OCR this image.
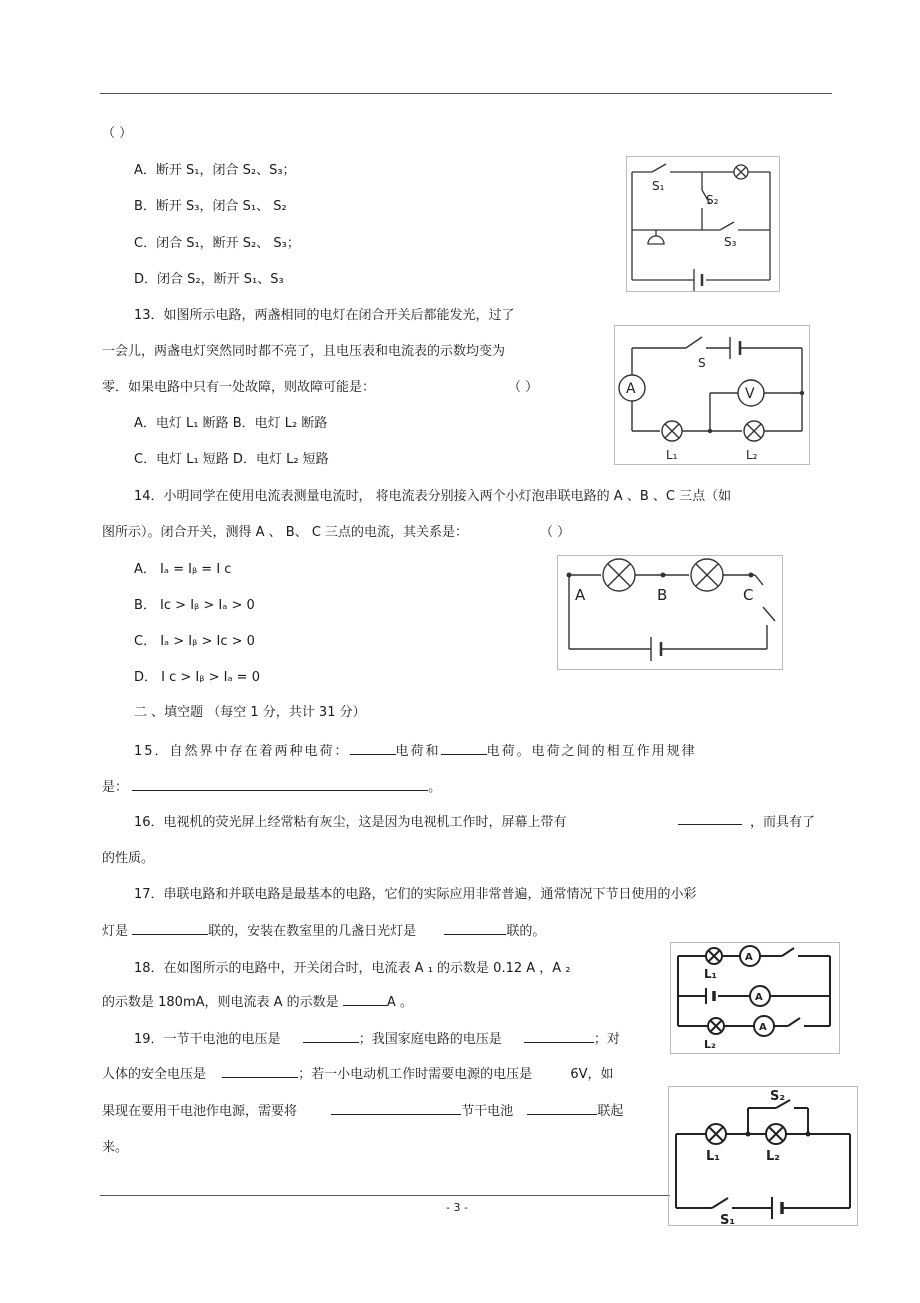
- 3 -
（ ）
A．断开 S₁，闭合 S₂、S₃；
B．断开 S₃，闭合 S₁、 S₂
C．闭合 S₁，断开 S₂、 S₃；
D．闭合 S₂，断开 S₁、S₃
S₁
S₂
S₃
13．如图所示电路，两盏相同的电灯在闭合开关后都能发光，过了
一会儿，两盏电灯突然同时都不亮了，且电压表和电流表的示数均变为
零．如果电路中只有一处故障，则故障可能是：	（ ）
A．电灯 L₁ 断路 B．电灯 L₂ 断路
C．电灯 L₁ 短路 D．电灯 L₂ 短路
S
A	V
L₁	L₂
14．小明同学在使用电流表测量电流时， 将电流表分别接入两个小灯泡串联电路的 A 、B 、C 三点（如
图所示）。闭合开关，测得 A 、 B、 C 三点的电流，其关系是：	（ ）
A． Iₐ = Iᵦ = I c
B． Ic > Iᵦ > Iₐ > 0
C． Iₐ > Iᵦ > Ic > 0
D． I c > Iᵦ > Iₐ = 0
A	B	C
二 、填空题 （每空 1 分，共计 31 分）
15．自然界中存在着两种电荷：	电荷和	电荷。电荷之间的相互作用规律
是：	。
16．电视机的荧光屏上经常粘有灰尘，这是因为电视机工作时，屏幕上带有	，而具有了
的性质。
17．串联电路和并联电路是最基本的电路，它们的实际应用非常普遍，通常情况下节日使用的小彩
灯是	联的，安装在教室里的几盏日光灯是	联的。
18．在如图所示的电路中，开关闭合时，电流表 A ₁ 的示数是 0.12 A ，A ₂
的示数是 180mA，则电流表 A 的示数是	A 。
A
A
A
L₁
L₂
19．一节干电池的电压是	；我国家庭电路的电压是	；对
人体的安全电压是	；若一小电动机工作时需要电源的电压是	6V，如
果现在要用干电池作电源，需要将	节干电池	联起
来。
S₂
L₁	L₂
S₁
